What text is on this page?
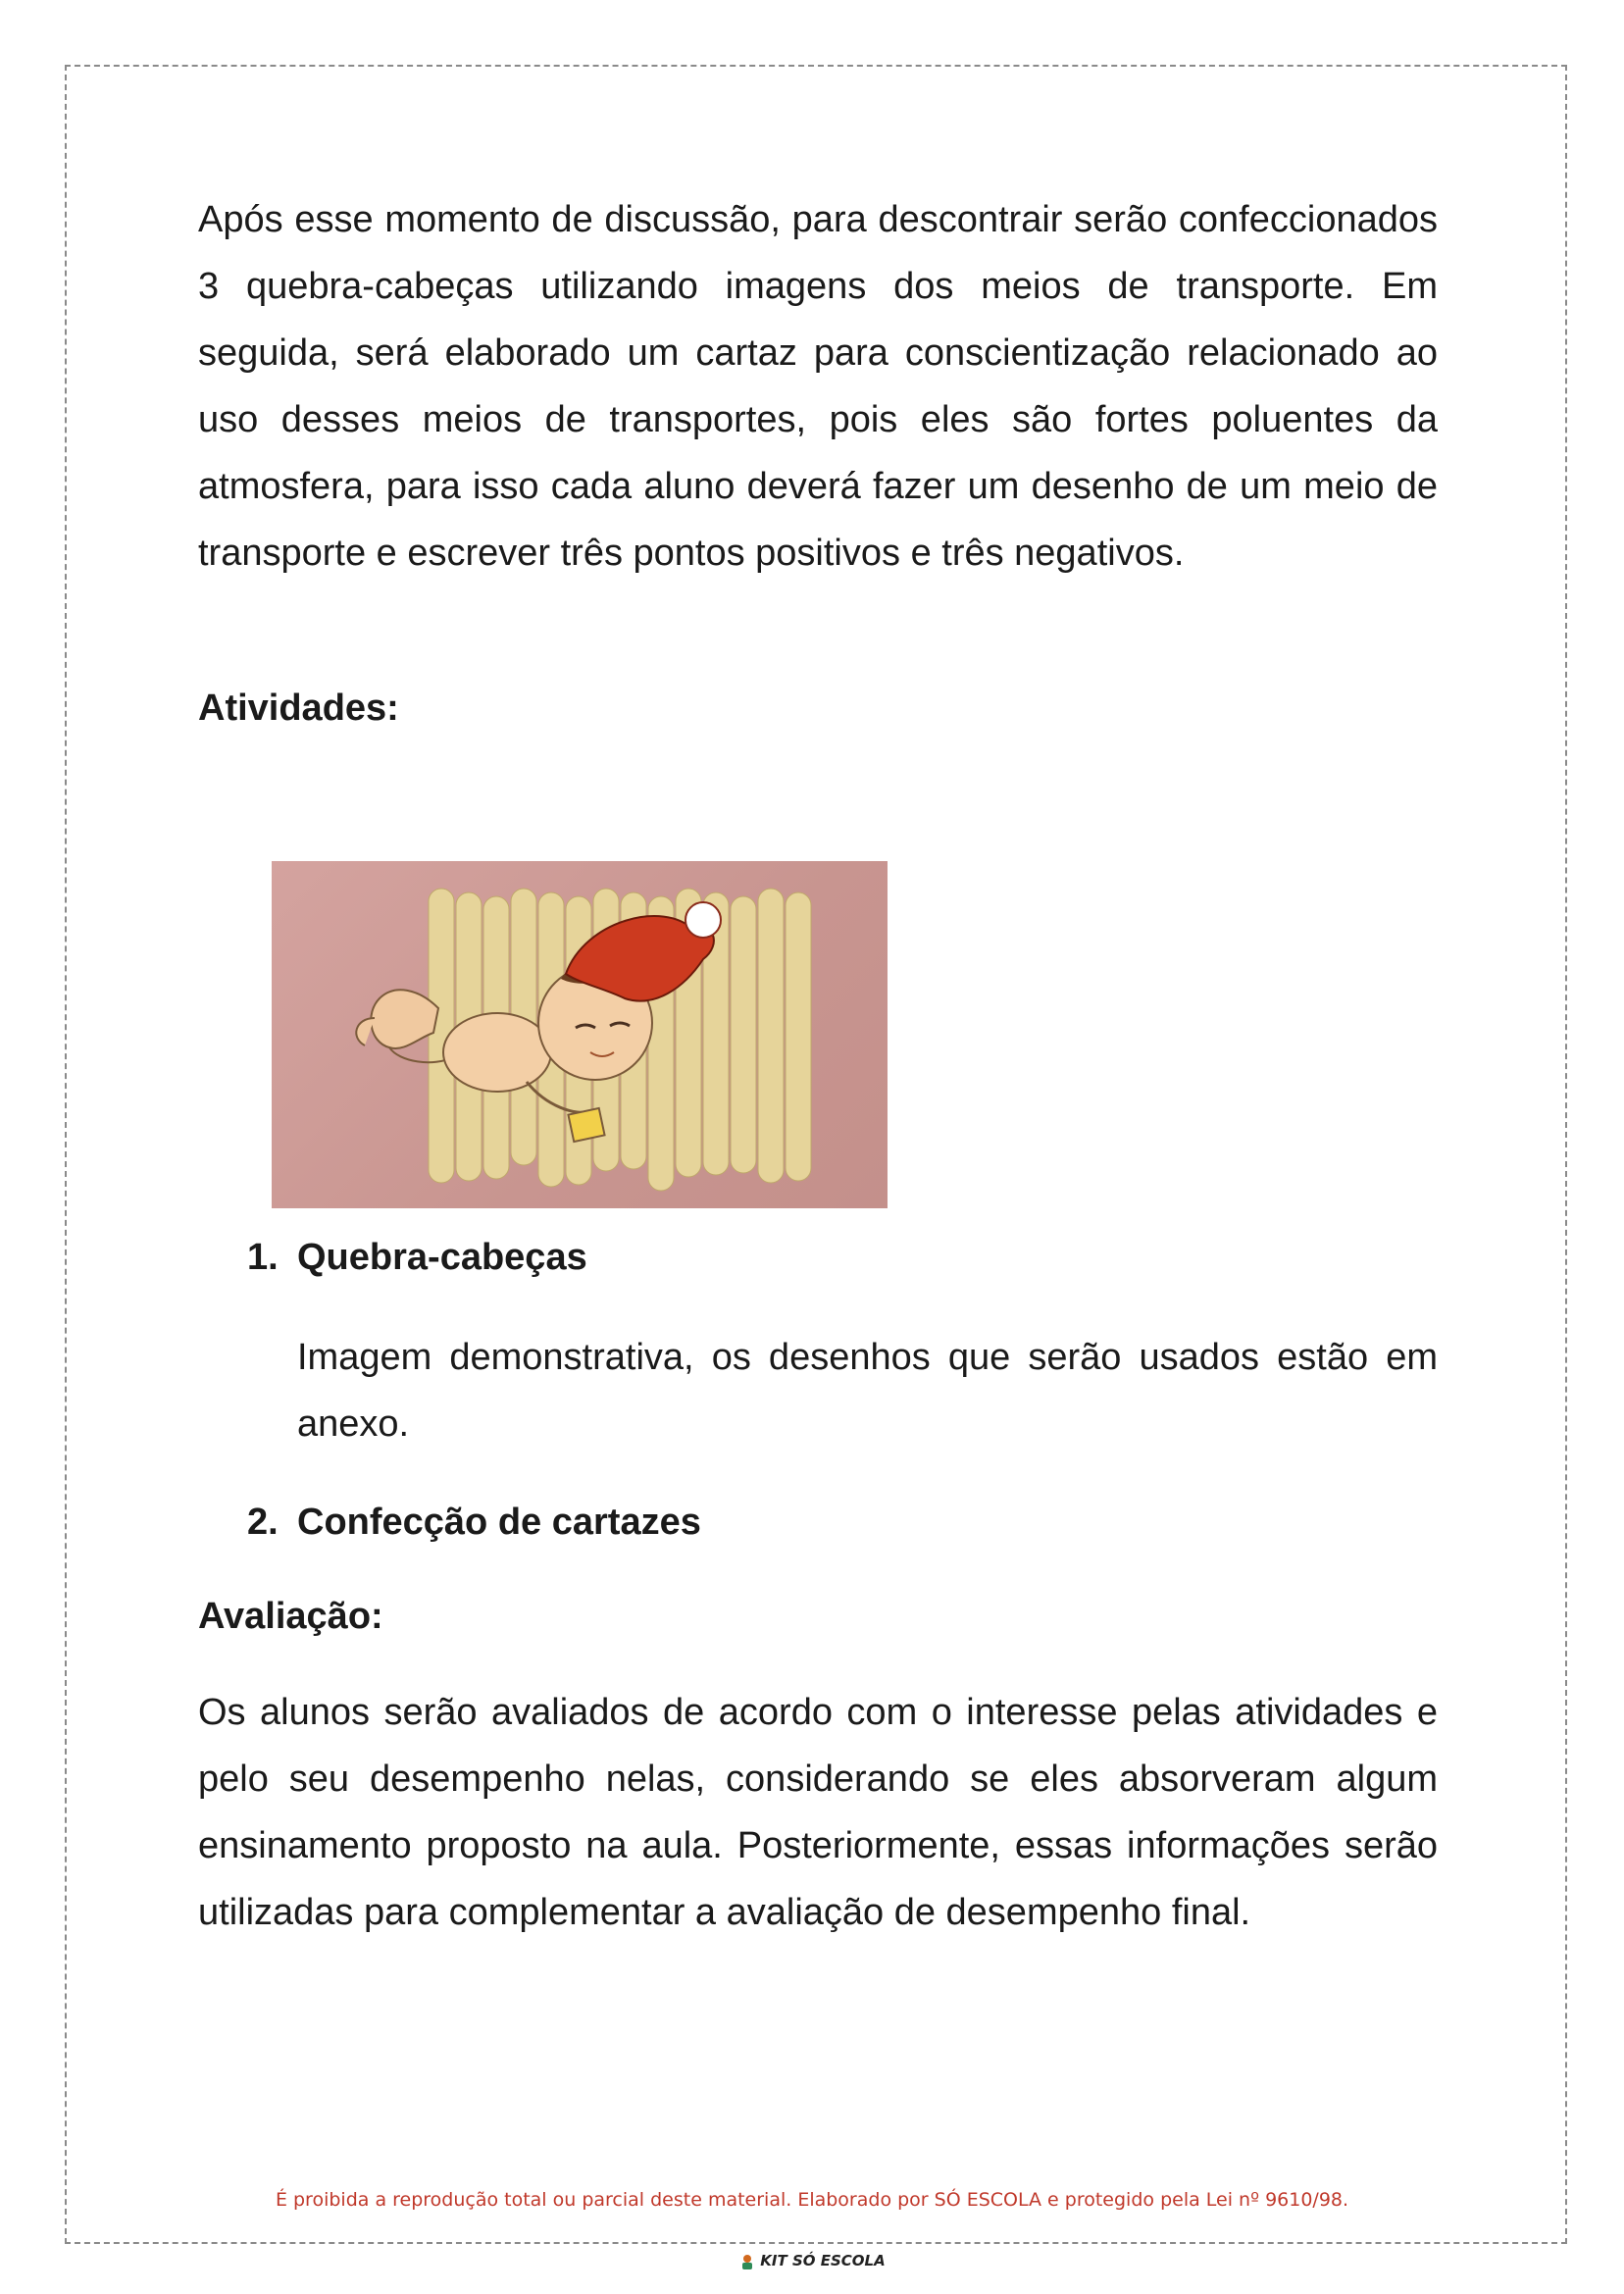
Após esse momento de discussão, para descontrair serão confeccionados 3 quebra-cabeças utilizando imagens dos meios de transporte. Em seguida, será elaborado um cartaz para conscientização relacionado ao uso desses meios de transportes, pois eles são fortes poluentes da atmosfera, para isso cada aluno deverá fazer um desenho de um meio de transporte e escrever três pontos positivos e três negativos.

Atividades:

1. Quebra-cabeças

Imagem demonstrativa, os desenhos que serão usados estão em anexo.

2. Confecção de cartazes

Avaliação:

Os alunos serão avaliados de acordo com o interesse pelas atividades e pelo seu desempenho nelas, considerando se eles absorveram algum ensinamento proposto na aula. Posteriormente, essas informações serão utilizadas para complementar a avaliação de desempenho final.

É proibida a reprodução total ou parcial deste material. Elaborado por SÓ ESCOLA e protegido pela Lei nº 9610/98.
KIT SÓ ESCOLA
